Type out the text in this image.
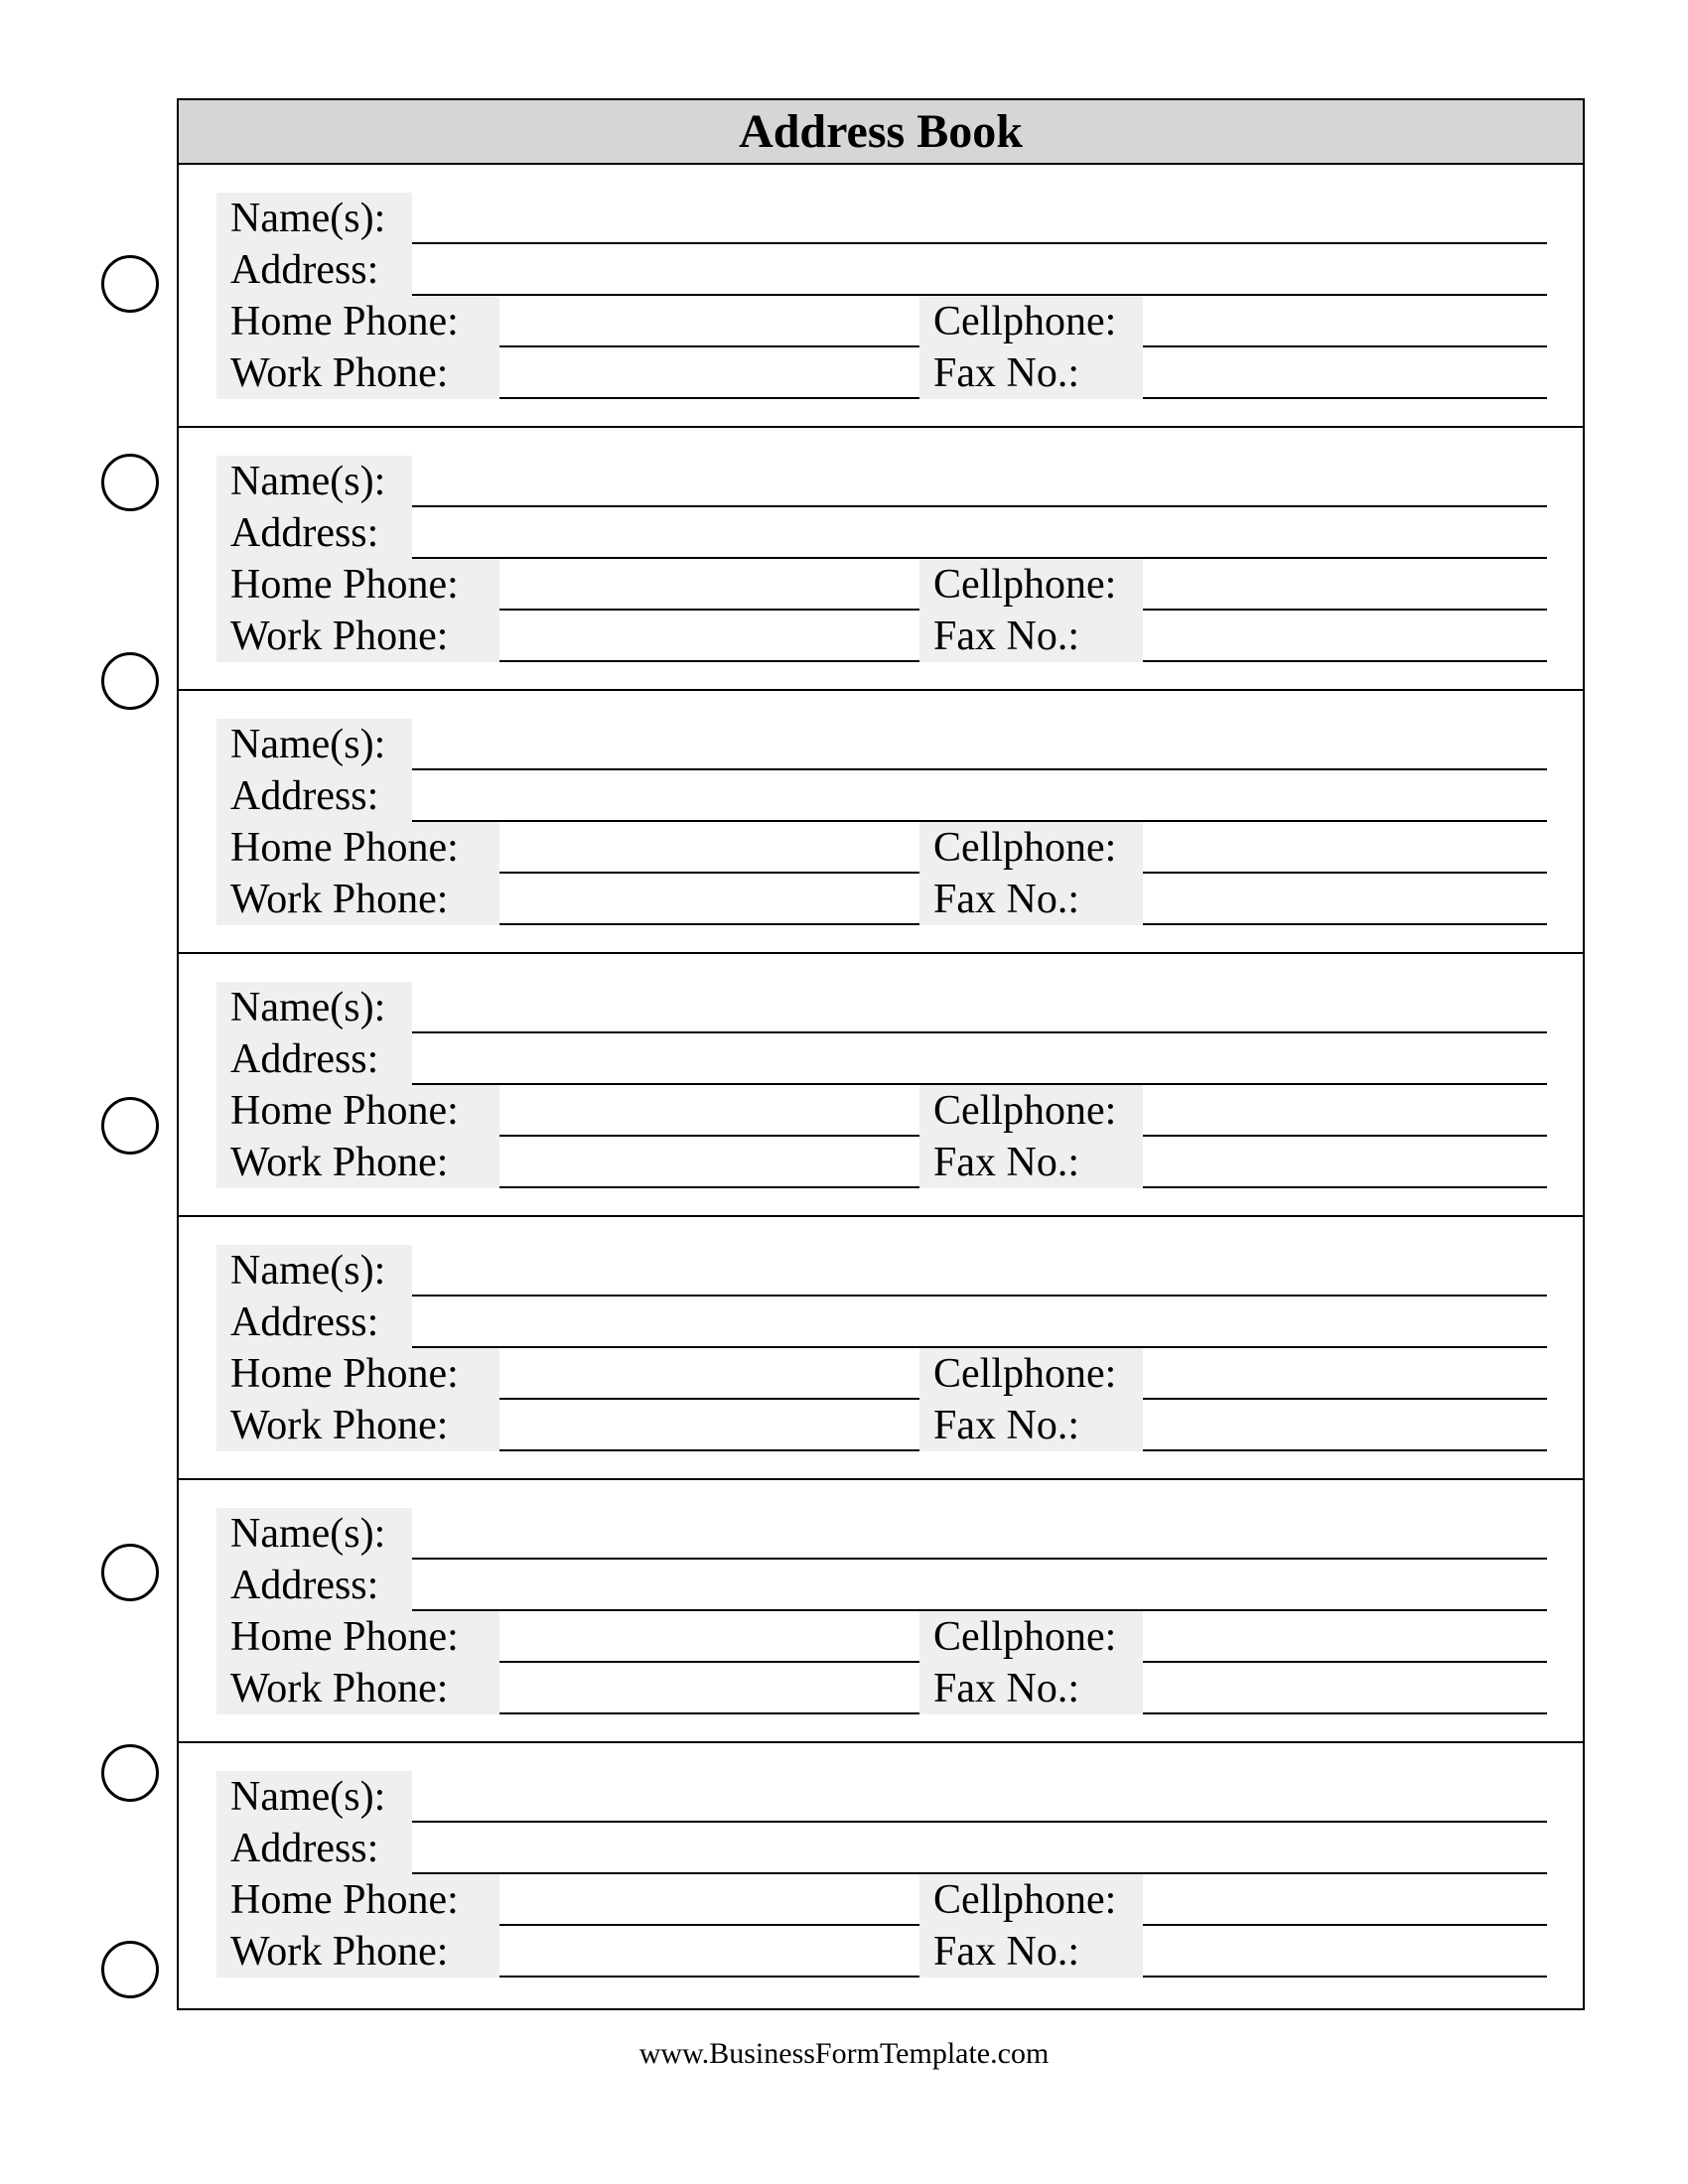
Address Book
Name(s):
Address:
Home Phone:	Cellphone:
Work Phone:	Fax No.:
Name(s):
Address:
Home Phone:	Cellphone:
Work Phone:	Fax No.:
Name(s):
Address:
Home Phone:	Cellphone:
Work Phone:	Fax No.:
Name(s):
Address:
Home Phone:	Cellphone:
Work Phone:	Fax No.:
Name(s):
Address:
Home Phone:	Cellphone:
Work Phone:	Fax No.:
Name(s):
Address:
Home Phone:	Cellphone:
Work Phone:	Fax No.:
Name(s):
Address:
Home Phone:	Cellphone:
Work Phone:	Fax No.:
www.BusinessFormTemplate.com
